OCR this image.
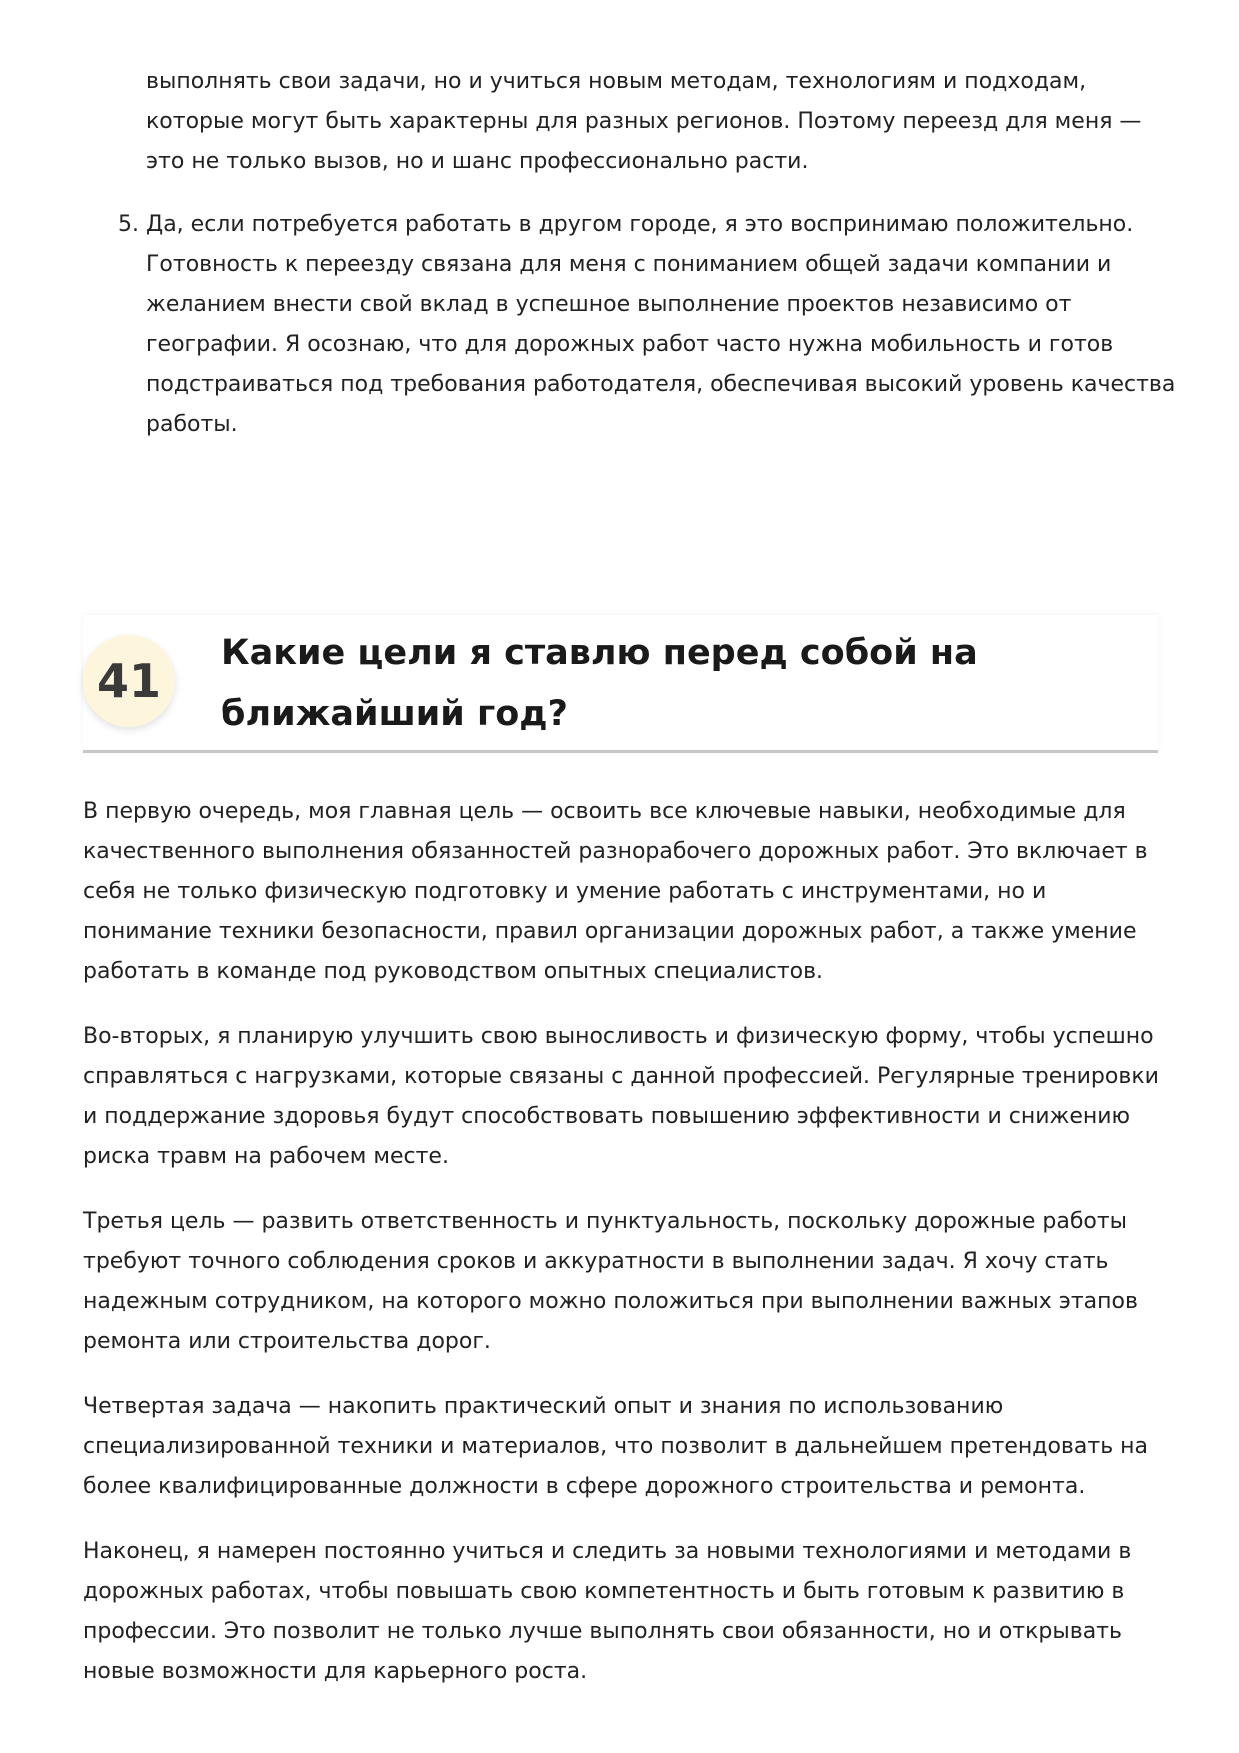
выполнять свои задачи, но и учиться новым методам, технологиям и подходам, которые могут быть характерны для разных регионов. Поэтому переезд для меня — это не только вызов, но и шанс профессионально расти.

5. Да, если потребуется работать в другом городе, я это воспринимаю положительно. Готовность к переезду связана для меня с пониманием общей задачи компании и желанием внести свой вклад в успешное выполнение проектов независимо от географии. Я осознаю, что для дорожных работ часто нужна мобильность и готов подстраиваться под требования работодателя, обеспечивая высокий уровень качества работы.

41
Какие цели я ставлю перед собой на ближайший год?

В первую очередь, моя главная цель — освоить все ключевые навыки, необходимые для качественного выполнения обязанностей разнорабочего дорожных работ. Это включает в себя не только физическую подготовку и умение работать с инструментами, но и понимание техники безопасности, правил организации дорожных работ, а также умение работать в команде под руководством опытных специалистов.

Во-вторых, я планирую улучшить свою выносливость и физическую форму, чтобы успешно справляться с нагрузками, которые связаны с данной профессией. Регулярные тренировки и поддержание здоровья будут способствовать повышению эффективности и снижению риска травм на рабочем месте.

Третья цель — развить ответственность и пунктуальность, поскольку дорожные работы требуют точного соблюдения сроков и аккуратности в выполнении задач. Я хочу стать надежным сотрудником, на которого можно положиться при выполнении важных этапов ремонта или строительства дорог.

Четвертая задача — накопить практический опыт и знания по использованию специализированной техники и материалов, что позволит в дальнейшем претендовать на более квалифицированные должности в сфере дорожного строительства и ремонта.

Наконец, я намерен постоянно учиться и следить за новыми технологиями и методами в дорожных работах, чтобы повышать свою компетентность и быть готовым к развитию в профессии. Это позволит не только лучше выполнять свои обязанности, но и открывать новые возможности для карьерного роста.
